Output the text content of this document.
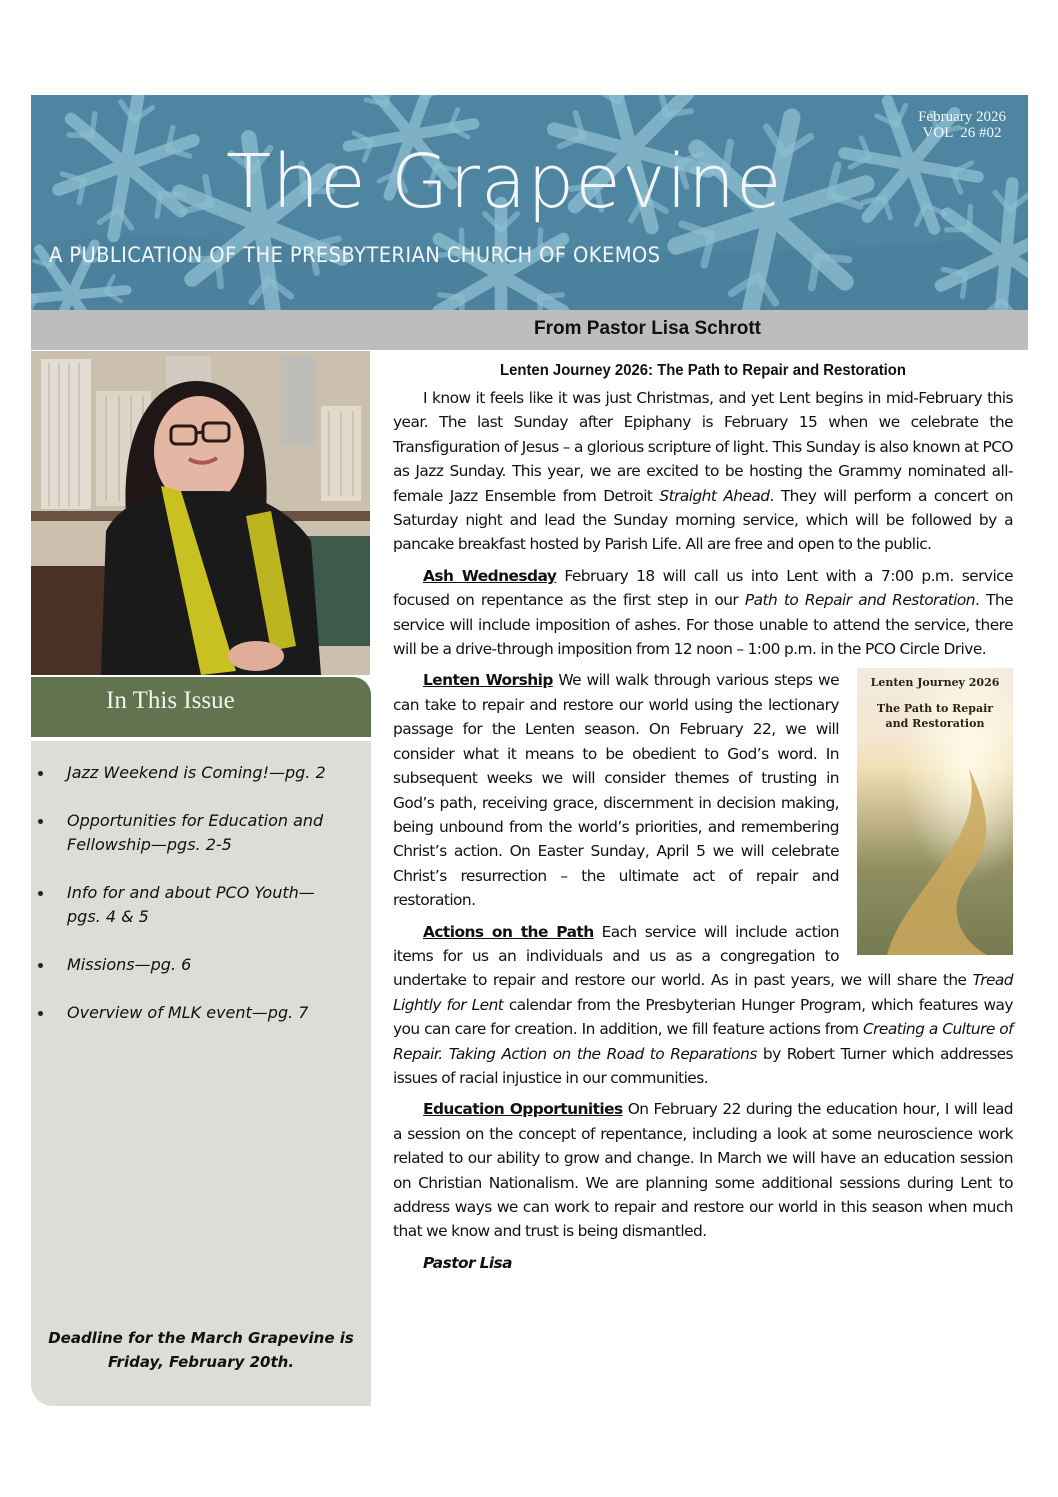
The Grapevine
A PUBLICATION OF THE PRESBYTERIAN CHURCH OF OKEMOS
February 2026
VOL  26 #02
From Pastor Lisa Schrott
In This Issue
Jazz Weekend is Coming!—pg. 2
Opportunities for Education and Fellowship—pgs. 2-5
Info for and about PCO Youth— pgs. 4 & 5
Missions—pg. 6
Overview of MLK event—pg. 7
Deadline for the March Grapevine is
Friday, February 20th.
Lenten Journey 2026: The Path to Repair and Restoration

I know it feels like it was just Christmas, and yet Lent begins in mid-February this year. The last Sunday after Epiphany is February 15 when we celebrate the Transfiguration of Jesus – a glorious scripture of light. This Sunday is also known at PCO as Jazz Sunday. This year, we are excited to be hosting the Grammy nominated all-female Jazz Ensemble from Detroit Straight Ahead. They will perform a concert on Saturday night and lead the Sunday morning service, which will be followed by a pancake breakfast hosted by Parish Life. All are free and open to the public.

Ash Wednesday February 18 will call us into Lent with a 7:00 p.m. service focused on repentance as the first step in our Path to Repair and Restoration. The service will include imposition of ashes. For those unable to attend the service, there will be a drive-through imposition from 12 noon – 1:00 p.m. in the PCO Circle Drive.

Lenten Journey 2026
The Path to Repair and Restoration

Lenten Worship We will walk through various steps we can take to repair and restore our world using the lectionary passage for the Lenten season. On February 22, we will consider what it means to be obedient to God’s word. In subsequent weeks we will consider themes of trusting in God’s path, receiving grace, discernment in decision making, being unbound from the world’s priorities, and remembering Christ’s action. On Easter Sunday, April 5 we will celebrate Christ’s resurrection – the ultimate act of repair and restoration.

Actions on the Path Each service will include action items for us an individuals and us as a congregation to undertake to repair and restore our world. As in past years, we will share the Tread Lightly for Lent calendar from the Presbyterian Hunger Program, which features way you can care for creation. In addition, we fill feature actions from Creating a Culture of Repair. Taking Action on the Road to Reparations by Robert Turner which addresses issues of racial injustice in our communities.

Education Opportunities On February 22 during the education hour, I will lead a session on the concept of repentance, including a look at some neuroscience work related to our ability to grow and change. In March we will have an education session on Christian Nationalism. We are planning some additional sessions during Lent to address ways we can work to repair and restore our world in this season when much that we know and trust is being dismantled.

Pastor Lisa
